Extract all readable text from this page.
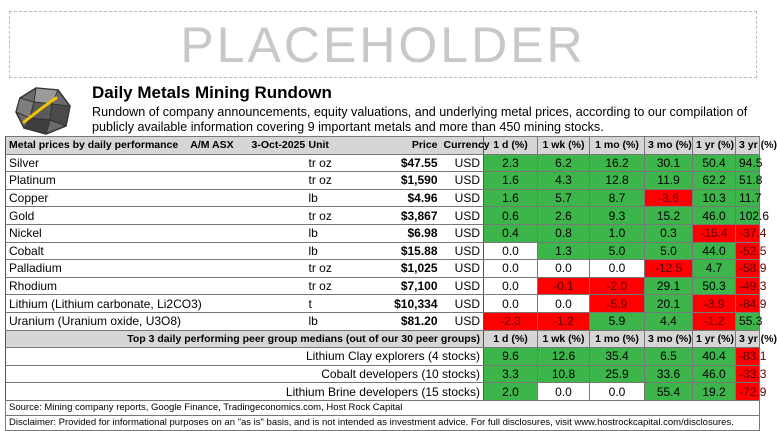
PLACEHOLDER
Daily Metals Mining Rundown

Rundown of company announcements, equity valuations, and underlying metal prices, according to our compilation of publicly available information covering 9 important metals and more than 450 mining stocks.

Metal prices by daily performance A/M ASX	3-Oct-2025	Unit	Price	Currency	1 d (%)	1 wk (%)	1 mo (%)	3 mo (%)	1 yr (%)	3 yr (%)
Silver		tr oz	$47.55	USD	2.3	6.2	16.2	30.1	50.4	94.5
Platinum		tr oz	$1,590	USD	1.6	4.3	12.8	11.9	62.2	51.8
Copper		lb	$4.96	USD	1.6	5.7	8.7	-3.6	10.3	11.7
Gold		tr oz	$3,867	USD	0.6	2.6	9.3	15.2	46.0	102.6
Nickel		lb	$6.98	USD	0.4	0.8	1.0	0.3	-15.4	-37.4
Cobalt		lb	$15.88	USD	0.0	1.3	5.0	5.0	44.0	-52.5
Palladium		tr oz	$1,025	USD	0.0	0.0	0.0	-12.5	4.7	-58.9
Rhodium		tr oz	$7,100	USD	0.0	-0.1	-2.0	29.1	50.3	-49.3
Lithium (Lithium carbonate, Li2CO3)		t	$10,334	USD	0.0	0.0	-5.9	20.1	-3.9	-84.9
Uranium (Uranium oxide, U3O8)		lb	$81.20	USD	-2.3	-1.2	5.9	4.4	-1.2	55.3
Top 3 daily performing peer group medians (out of our 30 peer groups)					1 d (%)	1 wk (%)	1 mo (%)	3 mo (%)	1 yr (%)	3 yr (%)
Lithium Clay explorers (4 stocks)					9.6	12.6	35.4	6.5	40.4	-83.1
Cobalt developers (10 stocks)					3.3	10.8	25.9	33.6	46.0	-33.3
Lithium Brine developers (15 stocks)					2.0	0.0	0.0	55.4	19.2	-72.9
Source: Mining company reports, Google Finance, Tradingeconomics.com, Host Rock Capital										
Disclaimer: Provided for informational purposes on an "as is" basis, and is not intended as investment advice. For full disclosures, visit www.hostrockcapital.com/disclosures.										
